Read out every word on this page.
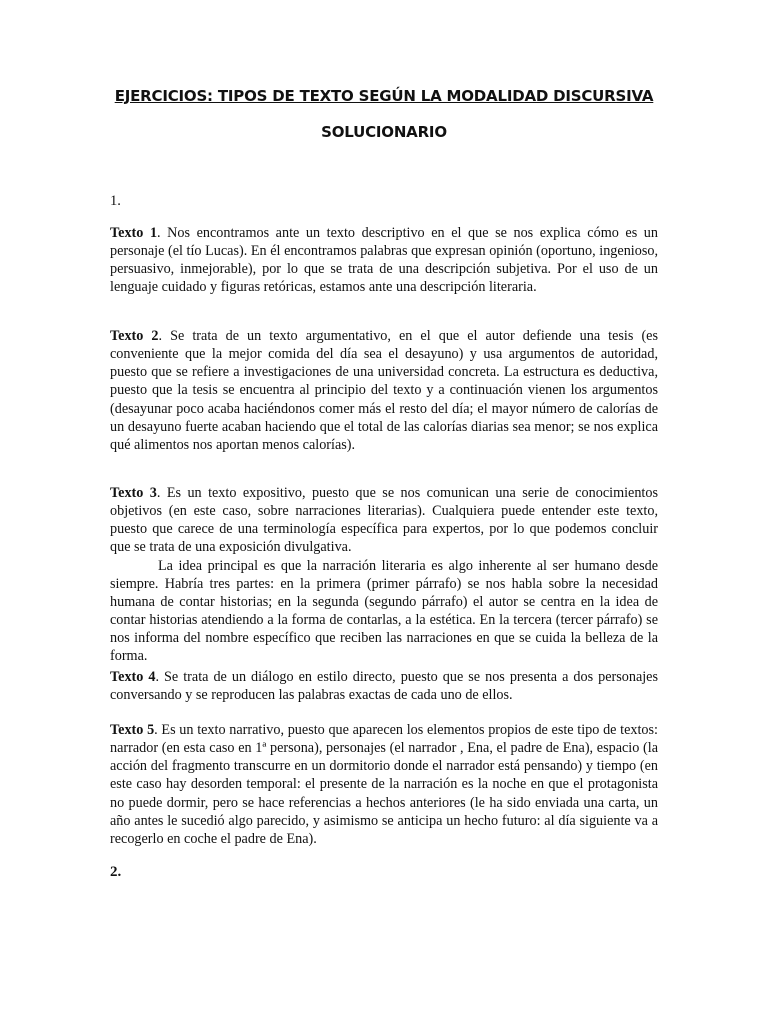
EJERCICIOS: TIPOS DE TEXTO SEGÚN LA MODALIDAD DISCURSIVA
SOLUCIONARIO

1.

Texto 1. Nos encontramos ante un texto descriptivo en el que se nos explica cómo es un personaje (el tío Lucas). En él encontramos palabras que expresan opinión (oportuno, ingenioso, persuasivo, inmejorable), por lo que se trata de una descripción subjetiva. Por el uso de un lenguaje cuidado y figuras retóricas, estamos ante una descripción literaria.

Texto 2. Se trata de un texto argumentativo, en el que el autor defiende una tesis (es conveniente que la mejor comida del día sea el desayuno) y usa argumentos de autoridad, puesto que se refiere a investigaciones de una universidad concreta. La estructura es deductiva, puesto que la tesis se encuentra al principio del texto y a continuación vienen los argumentos (desayunar poco acaba haciéndonos comer más el resto del día; el mayor número de calorías de un desayuno fuerte acaban haciendo que el total de las calorías diarias sea menor; se nos explica qué alimentos nos aportan menos calorías).

Texto 3. Es un texto expositivo, puesto que se nos comunican una serie de conocimientos objetivos (en este caso, sobre narraciones literarias). Cualquiera puede entender este texto, puesto que carece de una terminología específica para expertos, por lo que podemos concluir que se trata de una exposición divulgativa.
La idea principal es que la narración literaria es algo inherente al ser humano desde siempre. Habría tres partes: en la primera (primer párrafo) se nos habla sobre la necesidad humana de contar historias; en la segunda (segundo párrafo) el autor se centra en la idea de contar historias atendiendo a la forma de contarlas, a la estética. En la tercera (tercer párrafo) se nos informa del nombre específico que reciben las narraciones en que se cuida la belleza de la forma.

Texto 4. Se trata de un diálogo en estilo directo, puesto que se nos presenta a dos personajes conversando y se reproducen las palabras exactas de cada uno de ellos.

Texto 5. Es un texto narrativo, puesto que aparecen los elementos propios de este tipo de textos: narrador (en esta caso en 1ª persona), personajes (el narrador , Ena, el padre de Ena), espacio (la acción del fragmento transcurre en un dormitorio donde el narrador está pensando) y tiempo (en este caso hay desorden temporal: el presente de la narración es la noche en que el protagonista no puede dormir, pero se hace referencias a hechos anteriores (le ha sido enviada una carta, un año antes le sucedió algo parecido, y asimismo se anticipa un hecho futuro: al día siguiente va a recogerlo en coche el padre de Ena).

2.
